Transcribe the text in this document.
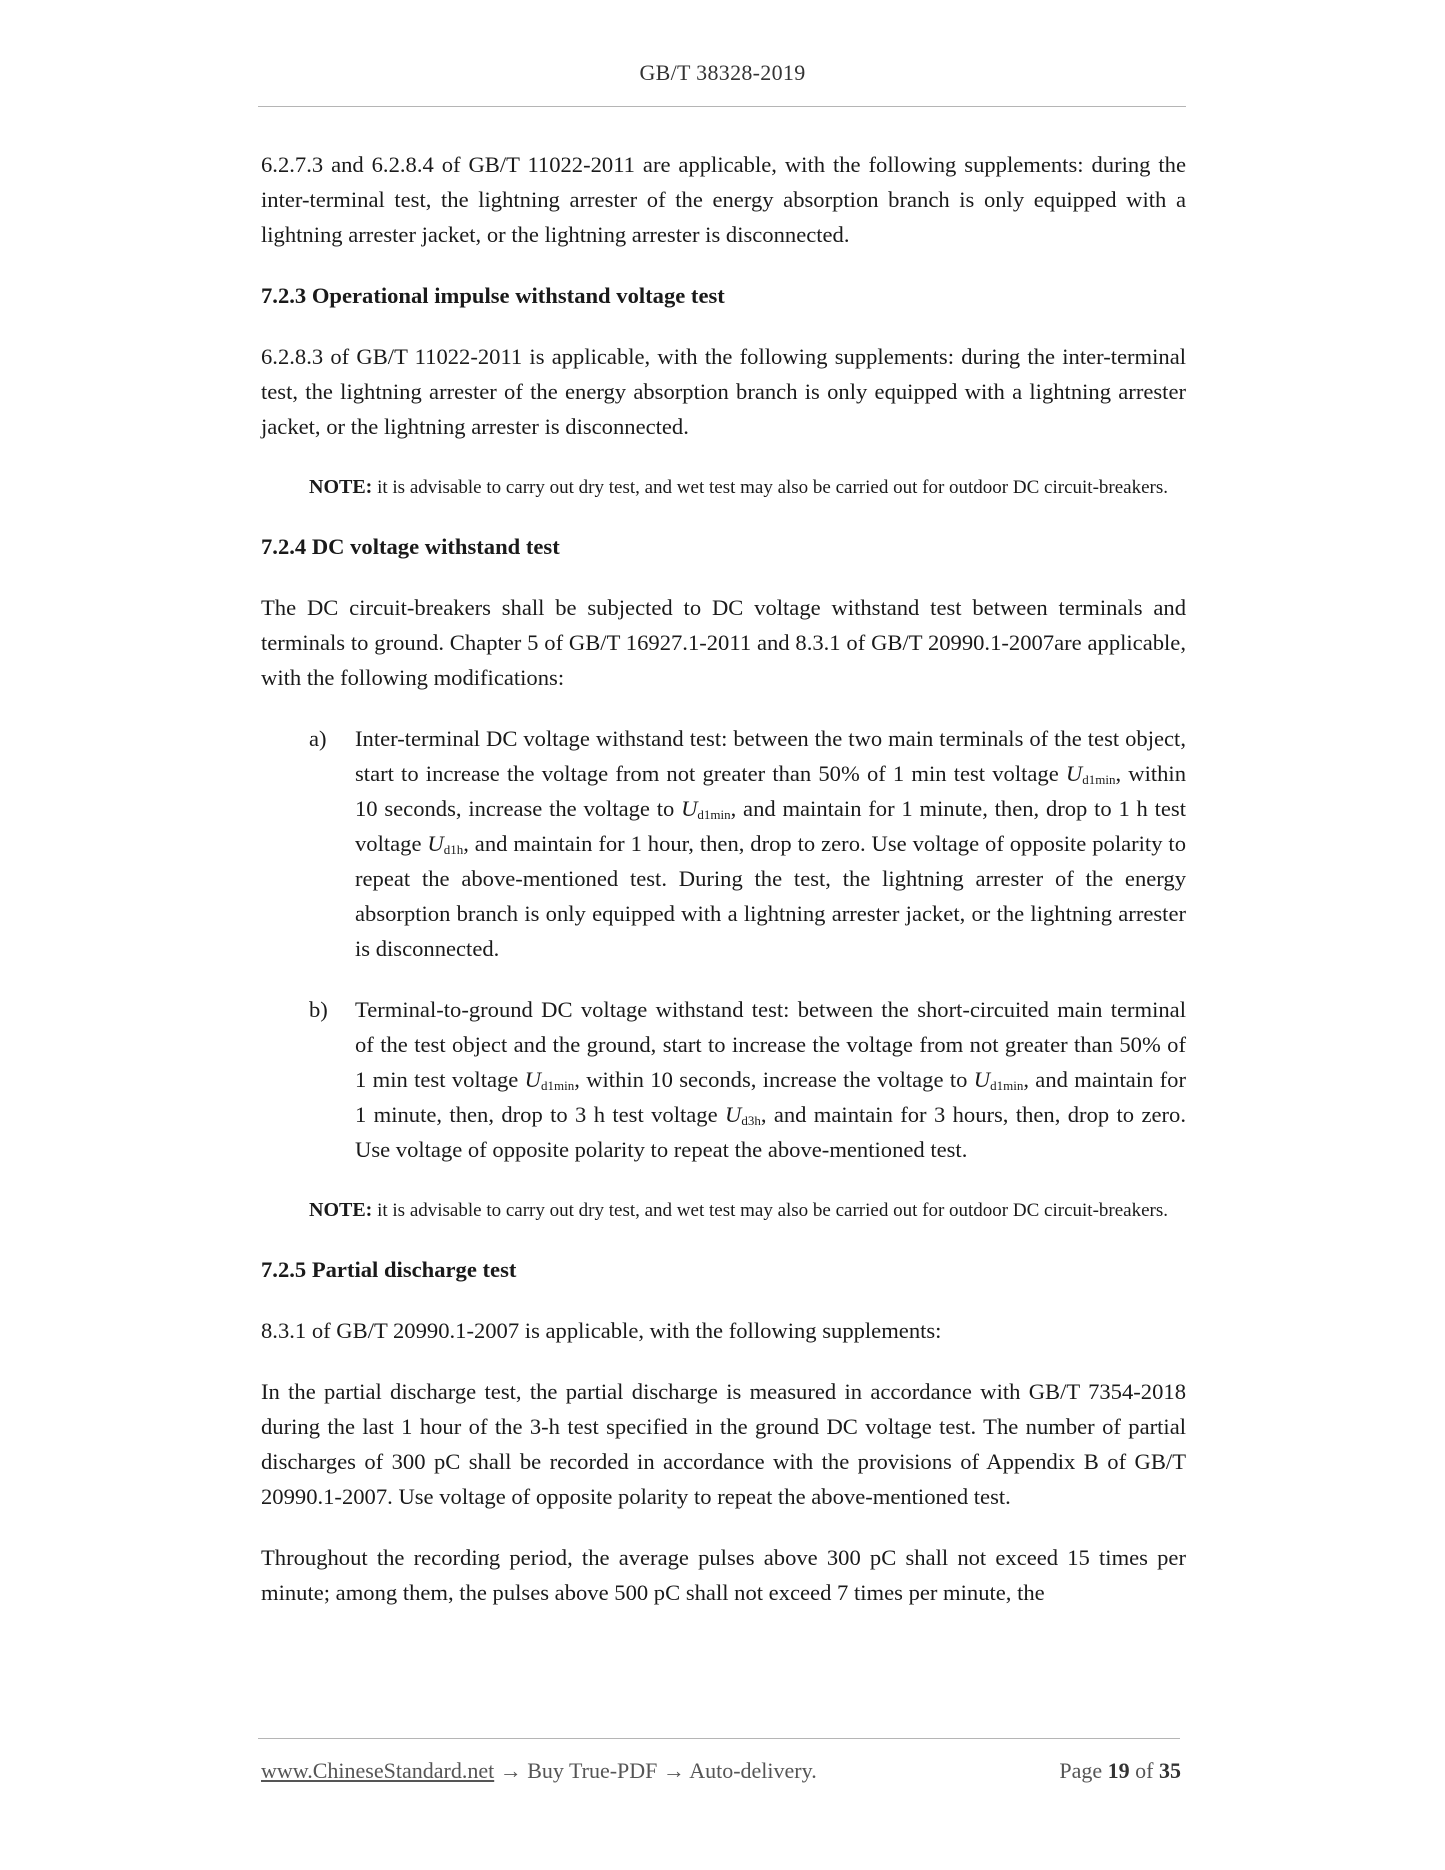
GB/T 38328-2019

6.2.7.3 and 6.2.8.4 of GB/T 11022-2011 are applicable, with the following supplements: during the inter-terminal test, the lightning arrester of the energy absorption branch is only equipped with a lightning arrester jacket, or the lightning arrester is disconnected.

7.2.3 Operational impulse withstand voltage test

6.2.8.3 of GB/T 11022-2011 is applicable, with the following supplements: during the inter-terminal test, the lightning arrester of the energy absorption branch is only equipped with a lightning arrester jacket, or the lightning arrester is disconnected.

NOTE: it is advisable to carry out dry test, and wet test may also be carried out for outdoor DC circuit-breakers.
7.2.4 DC voltage withstand test

The DC circuit-breakers shall be subjected to DC voltage withstand test between terminals and terminals to ground. Chapter 5 of GB/T 16927.1-2011 and 8.3.1 of GB/T 20990.1-2007are applicable, with the following modifications:

a)	Inter-terminal DC voltage withstand test: between the two main terminals of the test object, start to increase the voltage from not greater than 50% of 1 min test voltage $U_{d1min}$, within 10 seconds, increase the voltage to $U_{d1min}$, and maintain for 1 minute, then, drop to 1 h test voltage $U_{d1h}$, and maintain for 1 hour, then, drop to zero. Use voltage of opposite polarity to repeat the above-mentioned test. During the test, the lightning arrester of the energy absorption branch is only equipped with a lightning arrester jacket, or the lightning arrester is disconnected.
b)	Terminal-to-ground DC voltage withstand test: between the short-circuited main terminal of the test object and the ground, start to increase the voltage from not greater than 50% of 1 min test voltage $U_{d1min}$, within 10 seconds, increase the voltage to $U_{d1min}$, and maintain for 1 minute, then, drop to 3 h test voltage $U_{d3h}$, and maintain for 3 hours, then, drop to zero. Use voltage of opposite polarity to repeat the above-mentioned test.
NOTE: it is advisable to carry out dry test, and wet test may also be carried out for outdoor DC circuit-breakers.
7.2.5 Partial discharge test

8.3.1 of GB/T 20990.1-2007 is applicable, with the following supplements:

In the partial discharge test, the partial discharge is measured in accordance with GB/T 7354-2018 during the last 1 hour of the 3-h test specified in the ground DC voltage test. The number of partial discharges of 300 pC shall be recorded in accordance with the provisions of Appendix B of GB/T 20990.1-2007. Use voltage of opposite polarity to repeat the above-mentioned test.

Throughout the recording period, the average pulses above 300 pC shall not exceed 15 times per minute; among them, the pulses above 500 pC shall not exceed 7 times per minute, the

www.ChineseStandard.net → Buy True-PDF → Auto-delivery.	Page 19 of 35
